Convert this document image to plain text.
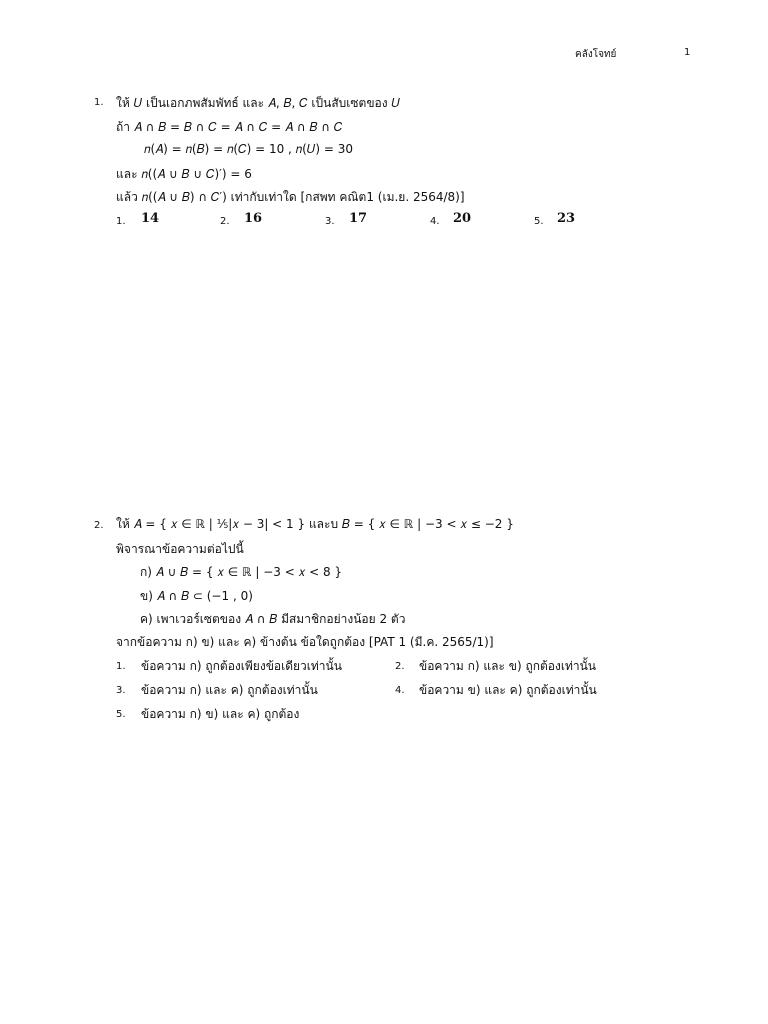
คลังโจทย์	1
1. ให้ 𝑈 เป็นเอกภพสัมพัทธ์ และ 𝐴, 𝐵, 𝐶 เป็นสับเซตของ 𝑈
ถ้า 𝐴 ∩ 𝐵 = 𝐵 ∩ 𝐶 = 𝐴 ∩ 𝐶 = 𝐴 ∩ 𝐵 ∩ 𝐶
𝑛(𝐴) = 𝑛(𝐵) = 𝑛(𝐶) = 10 , 𝑛(𝑈) = 30
และ 𝑛((𝐴 ∪ 𝐵 ∪ 𝐶)′) = 6
แล้ว 𝑛((𝐴 ∪ 𝐵) ∩ 𝐶′) เท่ากับเท่าใด [กสพท คณิต1 (เม.ย. 2564/8)]
1. 14	2. 16	3. 17	4. 20	5. 23
2. ให้ 𝐴 = { 𝑥 ∈ ℝ | ⅕|𝑥 − 3| < 1 } และบ 𝐵 = { 𝑥 ∈ ℝ | −3 < 𝑥 ≤ −2 }
พิจารณาข้อความต่อไปนี้
ก) 𝐴 ∪ 𝐵 = { 𝑥 ∈ ℝ | −3 < 𝑥 < 8 }
ข) 𝐴 ∩ 𝐵 ⊂ (−1 , 0)
ค) เพาเวอร์เซตของ 𝐴 ∩ 𝐵 มีสมาชิกอย่างน้อย 2 ตัว
จากข้อความ ก) ข) และ ค) ข้างต้น ข้อใดถูกต้อง [PAT 1 (มี.ค. 2565/1)]
1. ข้อความ ก) ถูกต้องเพียงข้อเดียวเท่านั้น	2. ข้อความ ก) และ ข) ถูกต้องเท่านั้น
3. ข้อความ ก) และ ค) ถูกต้องเท่านั้น	4. ข้อความ ข) และ ค) ถูกต้องเท่านั้น
5. ข้อความ ก) ข) และ ค) ถูกต้อง
